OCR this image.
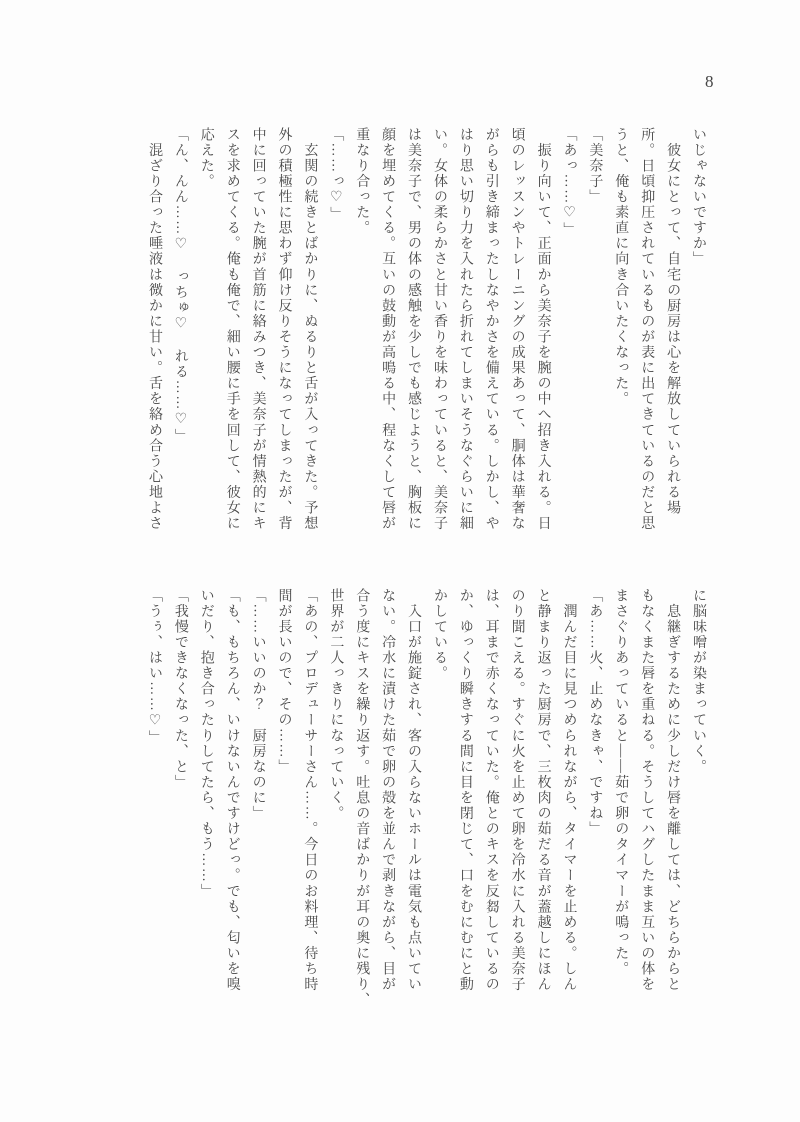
8
いじゃないですか」
　彼女にとって、自宅の厨房は心を解放していられる場
所。日頃抑圧されているものが表に出てきているのだと思
うと、俺も素直に向き合いたくなった。
「美奈子」
「あっ……♡」
　振り向いて、正面から美奈子を腕の中へ招き入れる。日
頃のレッスンやトレーニングの成果あって、胴体は華奢な
がらも引き締まったしなやかさを備えている。しかし、や
はり思い切り力を入れたら折れてしまいそうなぐらいに細
い。女体の柔らかさと甘い香りを味わっていると、美奈子
は美奈子で、男の体の感触を少しでも感じようと、胸板に
顔を埋めてくる。互いの鼓動が高鳴る中、程なくして唇が
重なり合った。
「……っ♡」
　玄関の続きとばかりに、ぬるりと舌が入ってきた。予想
外の積極性に思わず仰け反りそうになってしまったが、背
中に回っていた腕が首筋に絡みつき、美奈子が情熱的にキ
スを求めてくる。俺も俺で、細い腰に手を回して、彼女に
応えた。
「ん、んん……♡　っちゅ♡　れる……♡」
　混ざり合った唾液は微かに甘い。舌を絡め合う心地よさ
に脳味噌が染まっていく。
　息継ぎするために少しだけ唇を離しては、どちらからと
もなくまた唇を重ねる。そうしてハグしたまま互いの体を
まさぐりあっていると――茹で卵のタイマーが鳴った。
「あ……火、止めなきゃ、ですね」
　潤んだ目に見つめられながら、タイマーを止める。しん
と静まり返った厨房で、三枚肉の茹だる音が蓋越しにほん
のり聞こえる。すぐに火を止めて卵を冷水に入れる美奈子
は、耳まで赤くなっていた。俺とのキスを反芻しているの
か、ゆっくり瞬きする間に目を閉じて、口をむにむにと動
かしている。
　入口が施錠され、客の入らないホールは電気も点いてい
ない。冷水に漬けた茹で卵の殻を並んで剥きながら、目が
合う度にキスを繰り返す。吐息の音ばかりが耳の奥に残り、
世界が二人っきりになっていく。
「あの、プロデューサーさん……。今日のお料理、待ち時
間が長いので、その……」
「……いいのか？　厨房なのに」
「も、もちろん、いけないんですけどっ。でも、匂いを嗅
いだり、抱き合ったりしてたら、もう……」
「我慢できなくなった、と」
「うぅ、はい……♡」
